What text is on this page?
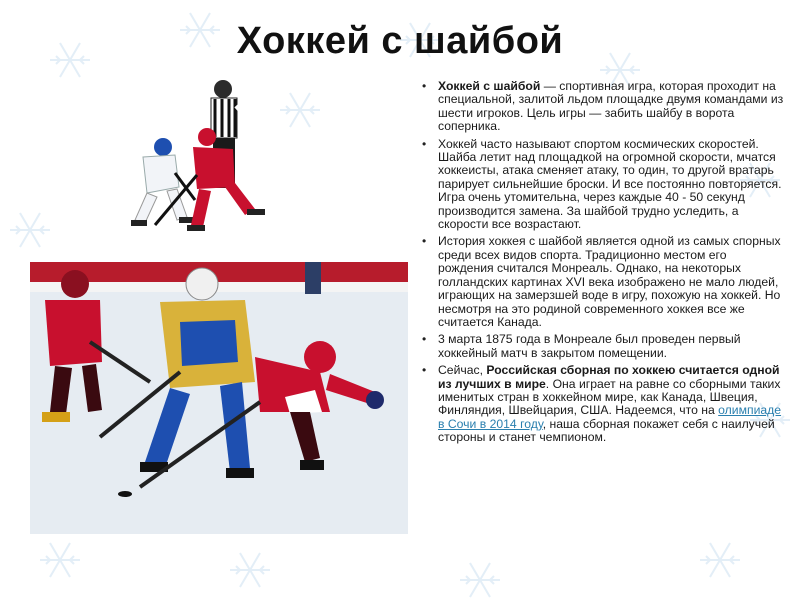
Хоккей с шайбой
• Хоккей с шайбой — спортивная игра, которая проходит на специальной, залитой льдом площадке двумя командами из шести игроков. Цель игры — забить шайбу в ворота соперника.
• Хоккей часто называют спортом космических скоростей. Шайба летит над площадкой на огромной скорости, мчатся хоккеисты, атака сменяет атаку, то один, то другой вратарь парирует сильнейшие броски. И все постоянно повторяется. Игра очень утомительна, через каждые 40 - 50 секунд производится замена. За шайбой трудно уследить, а скорости все возрастают.
• История хоккея с шайбой является одной из самых спорных среди всех видов спорта. Традиционно местом его рождения считался Монреаль. Однако, на некоторых голландских картинах XVI века изображено не мало людей, играющих на замерзшей воде в игру, похожую на хоккей. Но несмотря на это родиной современного хоккея все же считается Канада.
• 3 марта 1875 года в Монреале был проведен первый хоккейный матч в закрытом помещении.
• Сейчас, Российская сборная по хоккею считается одной из лучших в мире. Она играет на равне со сборными таких именитых стран в хоккейном мире, как Канада, Швеция, Финляндия, Швейцария, США. Надеемся, что на олимпиаде в Сочи в 2014 году, наша сборная покажет себя с наилучей стороны и станет чемпионом.
